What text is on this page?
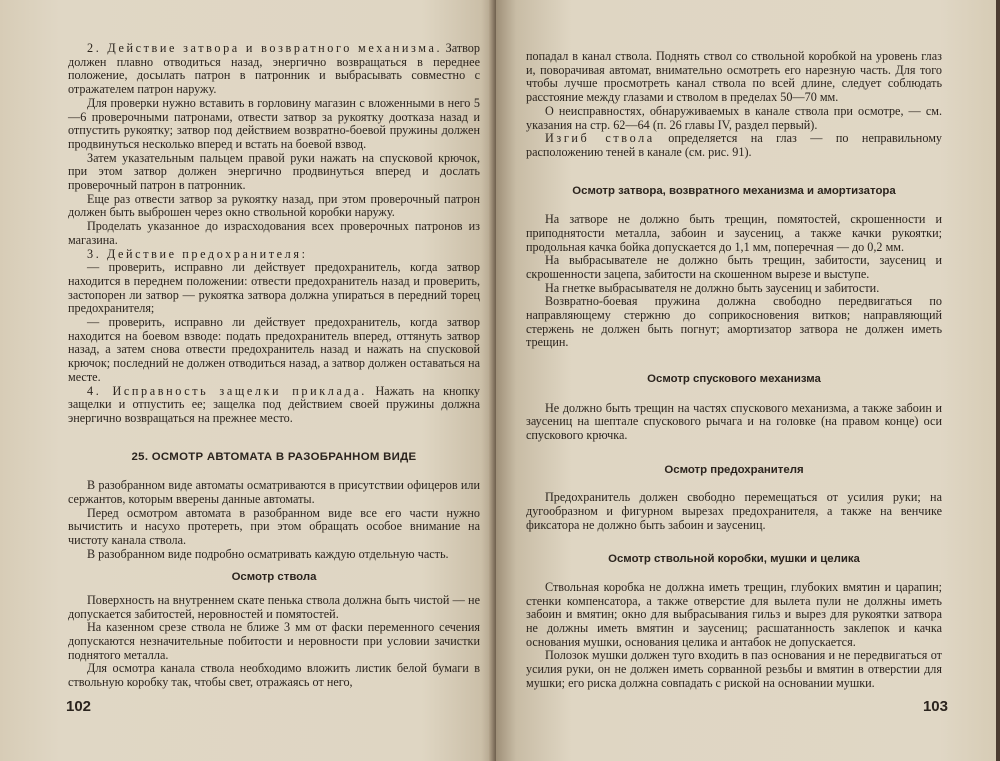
2. Действие затвора и возвратного механизма. Затвор должен плавно отводиться назад, энергично возвращаться в переднее положение, досылать патрон в патронник и выбрасывать совместно с отражателем патрон наружу.

Для проверки нужно вставить в горловину магазин с вложенными в него 5—6 проверочными патронами, отвести затвор за рукоятку доотказа назад и отпустить рукоятку; затвор под действием возвратно-боевой пружины должен продвинуться несколько вперед и встать на боевой взвод.

Затем указательным пальцем правой руки нажать на спусковой крючок, при этом затвор должен энергично продвинуться вперед и дослать проверочный патрон в патронник.

Еще раз отвести затвор за рукоятку назад, при этом проверочный патрон должен быть выброшен через окно ствольной коробки наружу.

Проделать указанное до израсходования всех проверочных патронов из магазина.

3. Действие предохранителя:

— проверить, исправно ли действует предохранитель, когда затвор находится в переднем положении: отвести предохранитель назад и проверить, застопорен ли затвор — рукоятка затвора должна упираться в передний торец предохранителя;

— проверить, исправно ли действует предохранитель, когда затвор находится на боевом взводе: подать предохранитель вперед, оттянуть затвор назад, а затем снова отвести предохранитель назад и нажать на спусковой крючок; последний не должен отводиться назад, а затвор должен оставаться на месте.

4. Исправность защелки приклада. Нажать на кнопку защелки и отпустить ее; защелка под действием своей пружины должна энергично возвращаться на прежнее место.

25. ОСМОТР АВТОМАТА В РАЗОБРАННОМ ВИДЕ

В разобранном виде автоматы осматриваются в присутствии офицеров или сержантов, которым вверены данные автоматы.

Перед осмотром автомата в разобранном виде все его части нужно вычистить и насухо протереть, при этом обращать особое внимание на чистоту канала ствола.

В разобранном виде подробно осматривать каждую отдельную часть.

Осмотр ствола

Поверхность на внутреннем скате пенька ствола должна быть чистой — не допускается забитостей, неровностей и помятостей.

На казенном срезе ствола не ближе 3 мм от фаски переменного сечения допускаются незначительные побитости и неровности при условии зачистки поднятого металла.

Для осмотра канала ствола необходимо вложить листик белой бумаги в ствольную коробку так, чтобы свет, отражаясь от него,

102

попадал в канал ствола. Поднять ствол со ствольной коробкой на уровень глаз и, поворачивая автомат, внимательно осмотреть его нарезную часть. Для того чтобы лучше просмотреть канал ствола по всей длине, следует соблюдать расстояние между глазами и стволом в пределах 50—70 мм.

О неисправностях, обнаруживаемых в канале ствола при осмотре, — см. указания на стр. 62—64 (п. 26 главы IV, раздел первый).

Изгиб ствола определяется на глаз — по неправильному расположению теней в канале (см. рис. 91).

Осмотр затвора, возвратного механизма и амортизатора

На затворе не должно быть трещин, помятостей, скрошенности и приподнятости металла, забоин и заусениц, а также качки рукоятки; продольная качка бойка допускается до 1,1 мм, поперечная — до 0,2 мм.

На выбрасывателе не должно быть трещин, забитости, заусениц и скрошенности зацепа, забитости на скошенном вырезе и выступе.

На гнетке выбрасывателя не должно быть заусениц и забитости.

Возвратно-боевая пружина должна свободно передвигаться по направляющему стержню до соприкосновения витков; направляющий стержень не должен быть погнут; амортизатор затвора не должен иметь трещин.

Осмотр спускового механизма

Не должно быть трещин на частях спускового механизма, а также забоин и заусениц на шептале спускового рычага и на головке (на правом конце) оси спускового крючка.

Осмотр предохранителя

Предохранитель должен свободно перемещаться от усилия руки; на дугообразном и фигурном вырезах предохранителя, а также на венчике фиксатора не должно быть забоин и заусениц.

Осмотр ствольной коробки, мушки и целика

Ствольная коробка не должна иметь трещин, глубоких вмятин и царапин; стенки компенсатора, а также отверстие для вылета пули не должны иметь забоин и вмятин; окно для выбрасывания гильз и вырез для рукоятки затвора не должны иметь вмятин и заусениц; расшатанность заклепок и качка основания мушки, основания целика и антабок не допускается.

Полозок мушки должен туго входить в паз основания и не передвигаться от усилия руки, он не должен иметь сорванной резьбы и вмятин в отверстии для мушки; его риска должна совпадать с риской на основании мушки.

103
